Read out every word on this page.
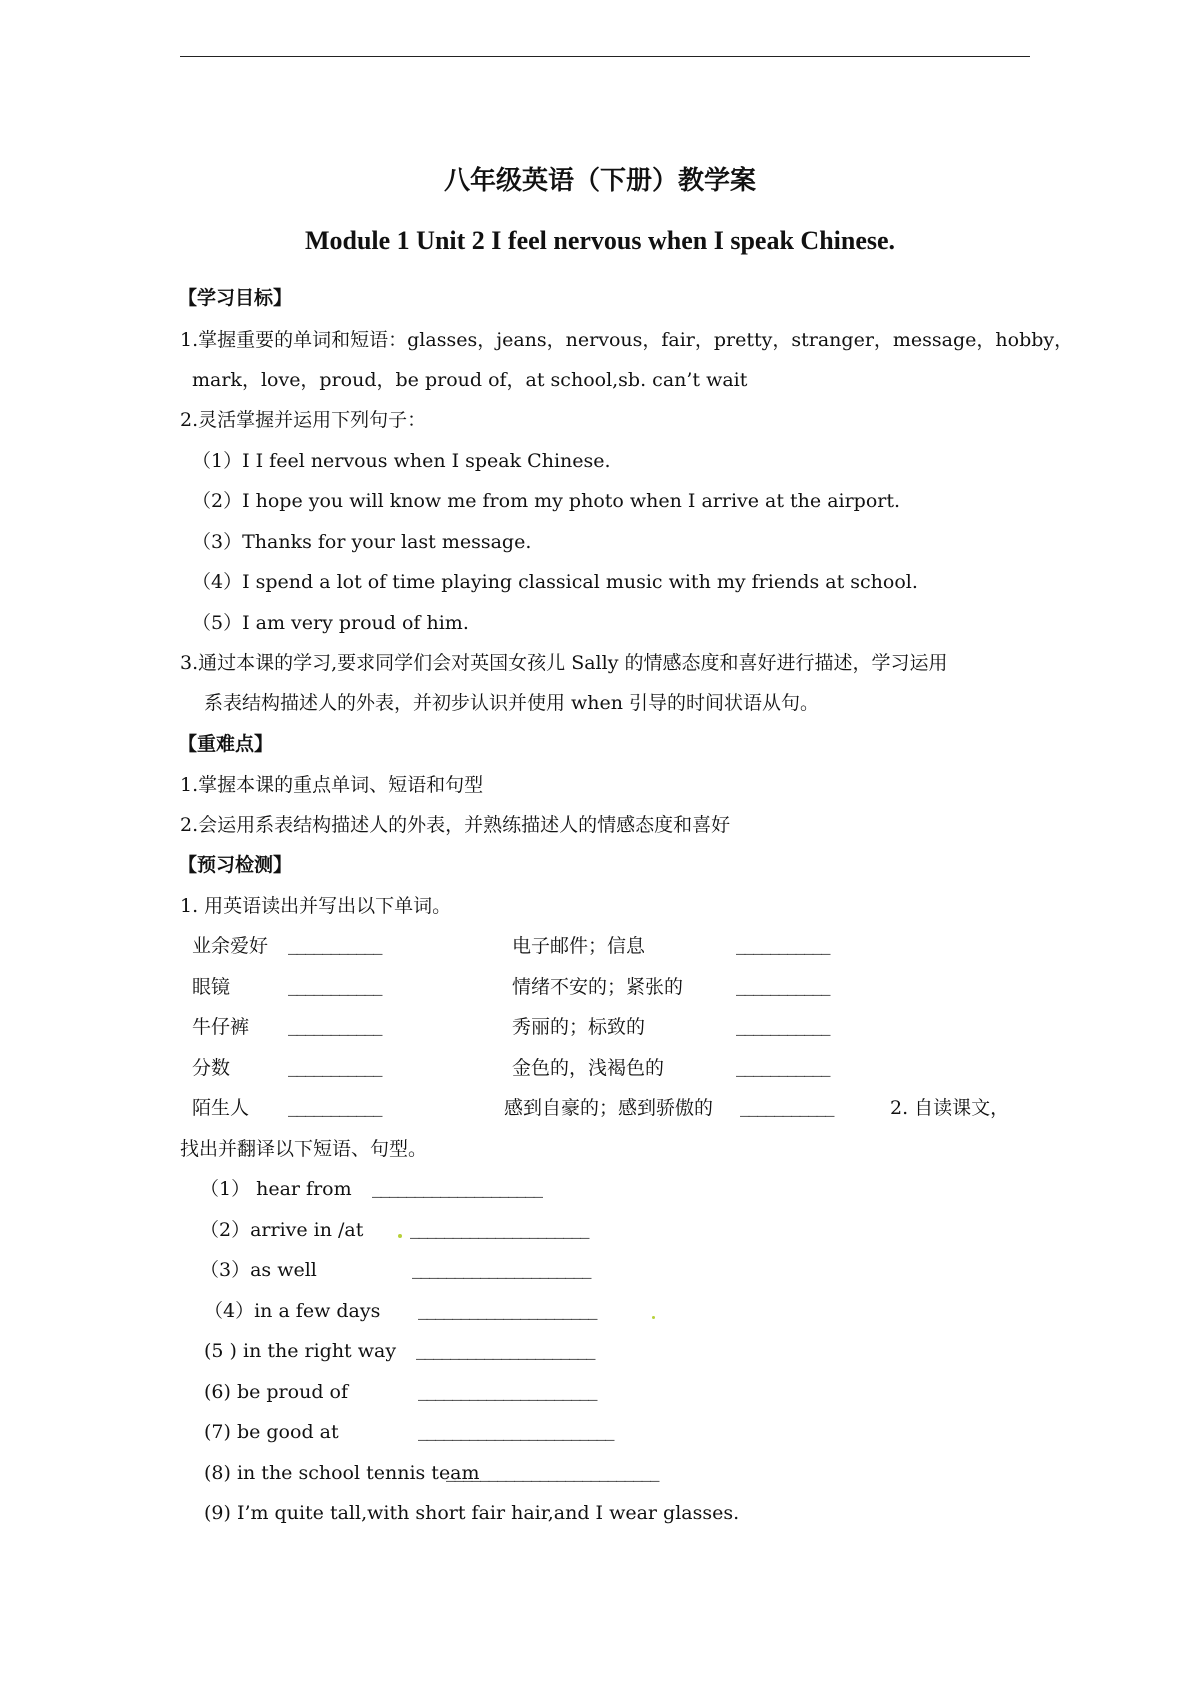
八年级英语（下册）教学案
Module 1 Unit 2 I feel nervous when I speak Chinese.
【学习目标】
1.掌握重要的单词和短语：glasses，jeans，nervous，fair，pretty，stranger，message，hobby，
mark，love，proud，be proud of，at school,sb. can’t wait
2.灵活掌握并运用下列句子：
（1）I I feel nervous when I speak Chinese.
（2）I hope you will know me from my photo when I arrive at the airport.
（3）Thanks for your last message.
（4）I spend a lot of time playing classical music with my friends at school.
（5）I am very proud of him.
3.通过本课的学习,要求同学们会对英国女孩儿 Sally 的情感态度和喜好进行描述，学习运用
系表结构描述人的外表，并初步认识并使用 when 引导的时间状语从句。
【重难点】
1.掌握本课的重点单词、短语和句型
2.会运用系表结构描述人的外表，并熟练描述人的情感态度和喜好
【预习检测】
1. 用英语读出并写出以下单词。
业余爱好 ___________	电子邮件；信息	___________
眼镜	___________	情绪不安的；紧张的	___________
牛仔裤 ___________	秀丽的；标致的	___________
分数	___________	金色的，浅褐色的	___________
陌生人 ___________	感到自豪的；感到骄傲的 ___________	2. 自读课文，
找出并翻译以下短语、句型。
（1） hear from ____________________
（2）arrive in /at _____________________
（3）as well	_____________________
（4）in a few days _____________________
(5 ) in the right way _____________________
(6) be proud of	_____________________
(7) be good at	_______________________
(8) in the school tennis team
_________________________
(9) I’m quite tall,with short fair hair,and I wear glasses.
